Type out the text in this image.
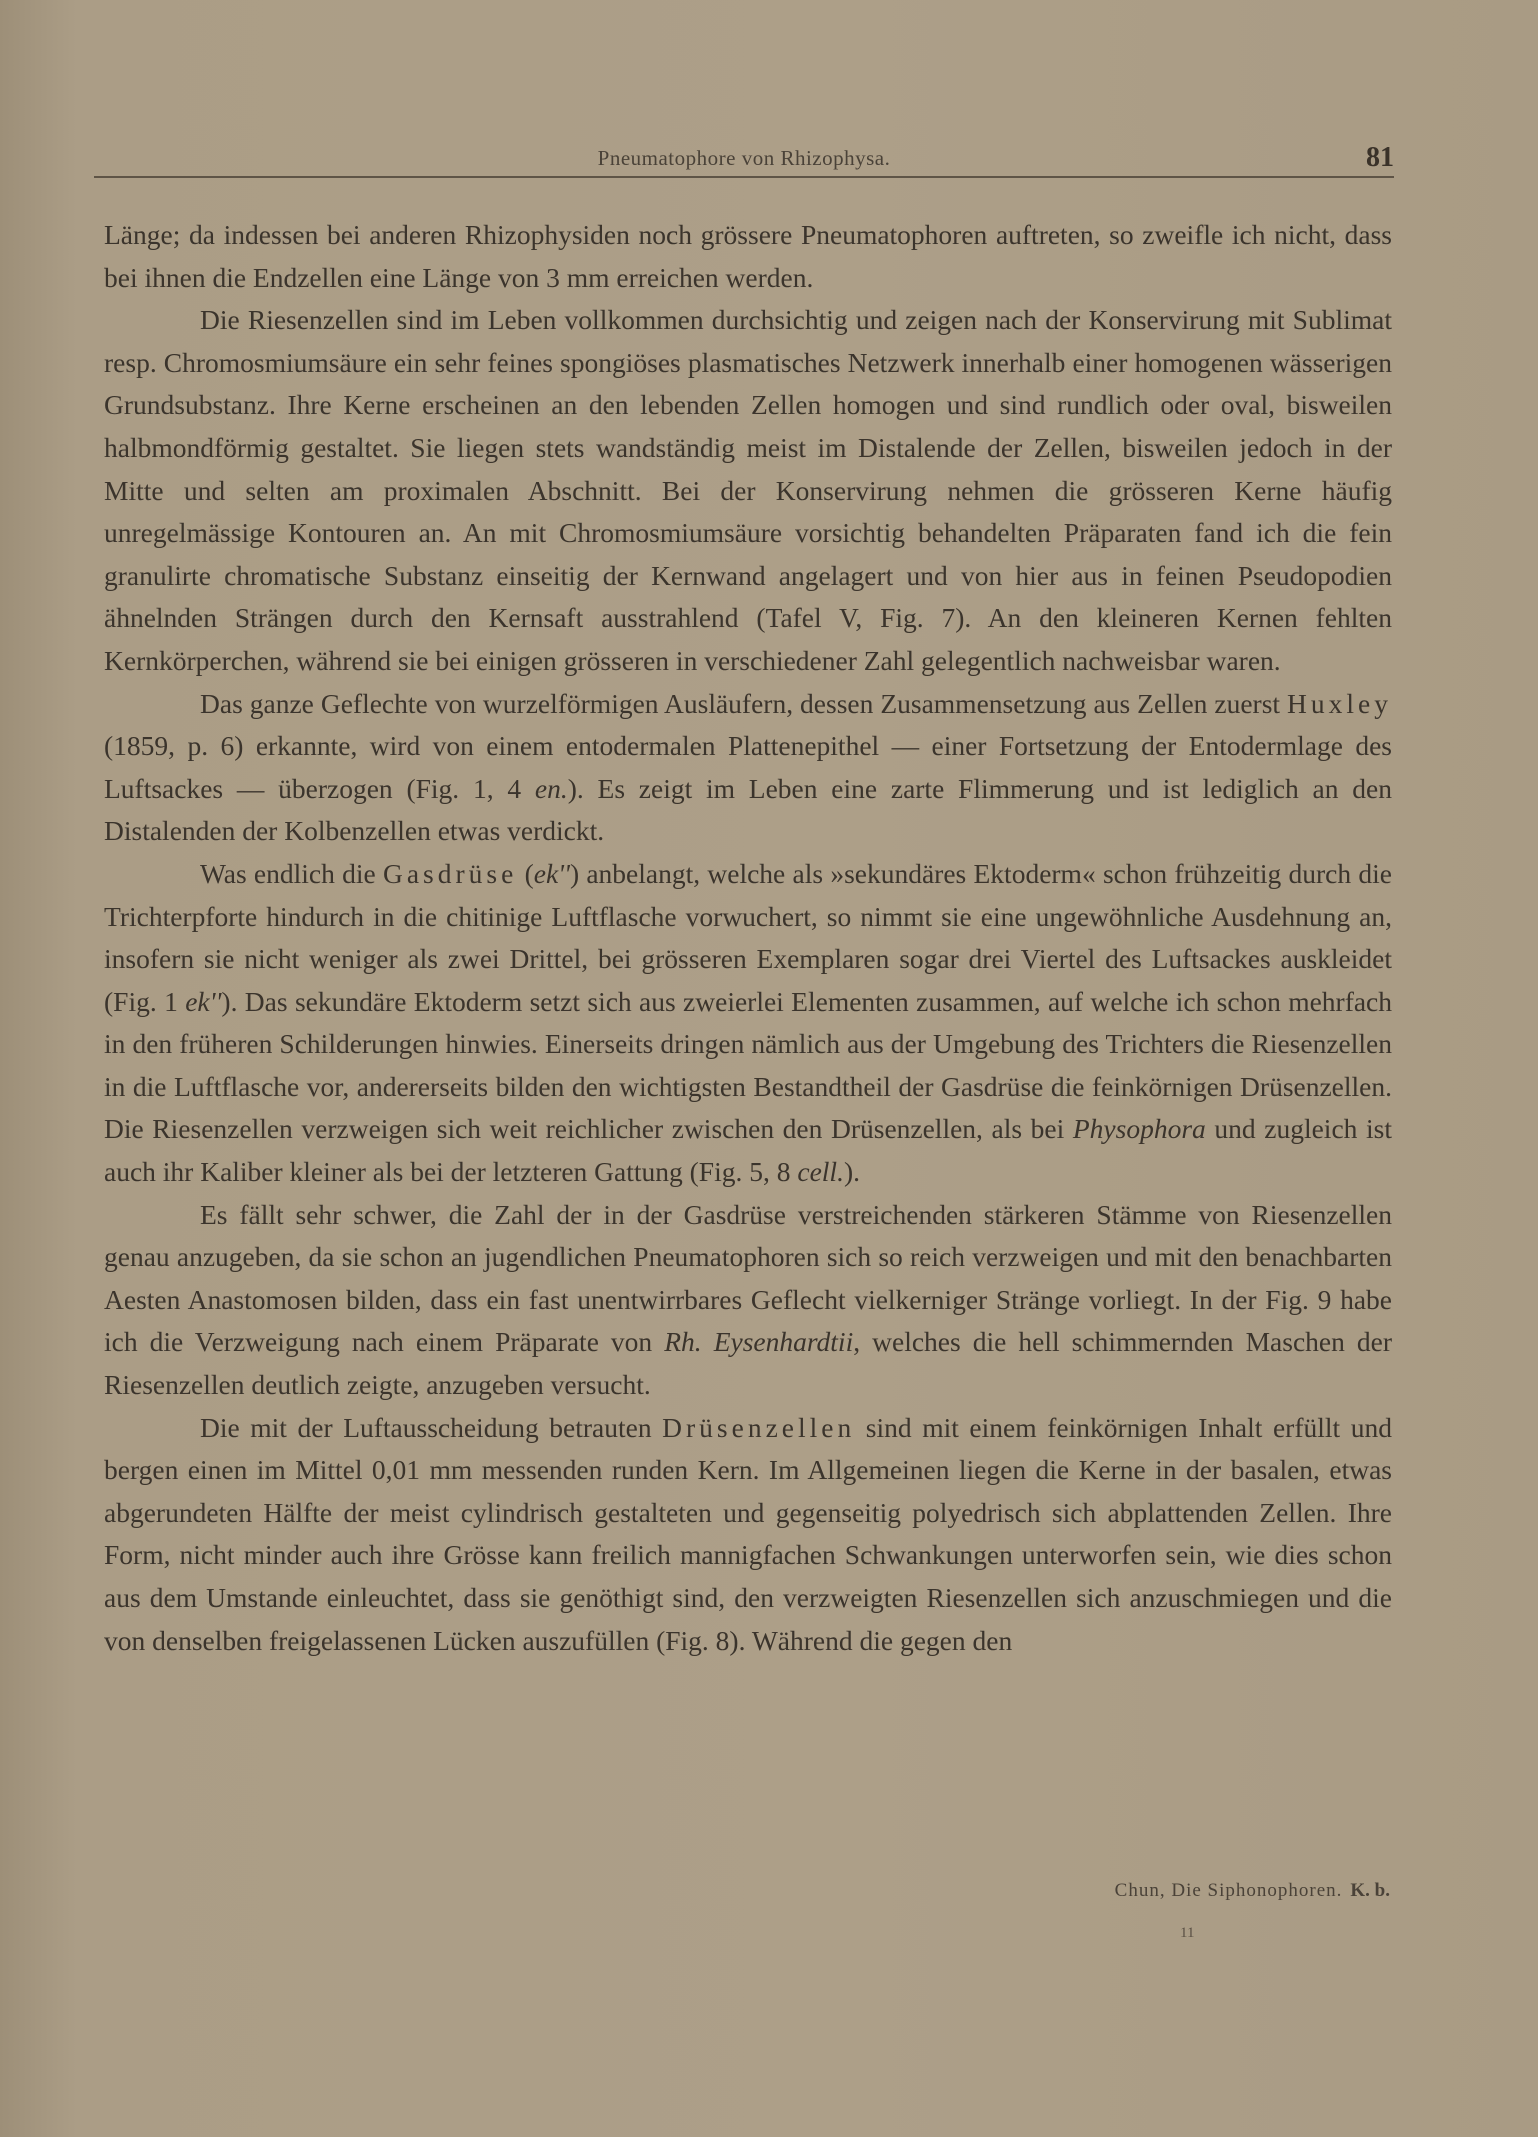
Pneumatophore von Rhizophysa.	81

Länge; da indessen bei anderen Rhizophysiden noch grössere Pneumatophoren auftreten, so zweifle ich nicht, dass bei ihnen die Endzellen eine Länge von 3 mm erreichen werden.

Die Riesenzellen sind im Leben vollkommen durchsichtig und zeigen nach der Konservirung mit Sublimat resp. Chromosmiumsäure ein sehr feines spongiöses plasmatisches Netzwerk innerhalb einer homogenen wässerigen Grundsubstanz. Ihre Kerne erscheinen an den lebenden Zellen homogen und sind rundlich oder oval, bisweilen halbmondförmig gestaltet. Sie liegen stets wandständig meist im Distalende der Zellen, bisweilen jedoch in der Mitte und selten am proximalen Abschnitt. Bei der Konservirung nehmen die grösseren Kerne häufig unregelmässige Kontouren an. An mit Chromosmiumsäure vorsichtig behandelten Präparaten fand ich die fein granulirte chromatische Substanz einseitig der Kernwand angelagert und von hier aus in feinen Pseudopodien ähnelnden Strängen durch den Kernsaft ausstrahlend (Tafel V, Fig. 7). An den kleineren Kernen fehlten Kernkörperchen, während sie bei einigen grösseren in verschiedener Zahl gelegentlich nachweisbar waren.

Das ganze Geflechte von wurzelförmigen Ausläufern, dessen Zusammensetzung aus Zellen zuerst Huxley (1859, p. 6) erkannte, wird von einem entodermalen Plattenepithel — einer Fortsetzung der Entodermlage des Luftsackes — überzogen (Fig. 1, 4 en.). Es zeigt im Leben eine zarte Flimmerung und ist lediglich an den Distalenden der Kolbenzellen etwas verdickt.

Was endlich die Gasdrüse (ek'') anbelangt, welche als »sekundäres Ektoderm« schon frühzeitig durch die Trichterpforte hindurch in die chitinige Luftflasche vorwuchert, so nimmt sie eine ungewöhnliche Ausdehnung an, insofern sie nicht weniger als zwei Drittel, bei grösseren Exemplaren sogar drei Viertel des Luftsackes auskleidet (Fig. 1 ek''). Das sekundäre Ektoderm setzt sich aus zweierlei Elementen zusammen, auf welche ich schon mehrfach in den früheren Schilderungen hinwies. Einerseits dringen nämlich aus der Umgebung des Trichters die Riesenzellen in die Luftflasche vor, andererseits bilden den wichtigsten Bestandtheil der Gasdrüse die feinkörnigen Drüsenzellen. Die Riesenzellen verzweigen sich weit reichlicher zwischen den Drüsenzellen, als bei Physophora und zugleich ist auch ihr Kaliber kleiner als bei der letzteren Gattung (Fig. 5, 8 cell.).

Es fällt sehr schwer, die Zahl der in der Gasdrüse verstreichenden stärkeren Stämme von Riesenzellen genau anzugeben, da sie schon an jugendlichen Pneumatophoren sich so reich verzweigen und mit den benachbarten Aesten Anastomosen bilden, dass ein fast unentwirrbares Geflecht vielkerniger Stränge vorliegt. In der Fig. 9 habe ich die Verzweigung nach einem Präparate von Rh. Eysenhardtii, welches die hell schimmernden Maschen der Riesenzellen deutlich zeigte, anzugeben versucht.

Die mit der Luftausscheidung betrauten Drüsenzellen sind mit einem feinkörnigen Inhalt erfüllt und bergen einen im Mittel 0,01 mm messenden runden Kern. Im Allgemeinen liegen die Kerne in der basalen, etwas abgerundeten Hälfte der meist cylindrisch gestalteten und gegenseitig polyedrisch sich abplattenden Zellen. Ihre Form, nicht minder auch ihre Grösse kann freilich mannigfachen Schwankungen unterworfen sein, wie dies schon aus dem Umstande einleuchtet, dass sie genöthigt sind, den verzweigten Riesenzellen sich anzuschmiegen und die von denselben freigelassenen Lücken auszufüllen (Fig. 8). Während die gegen den

Chun, Die Siphonophoren. K. b.
11
